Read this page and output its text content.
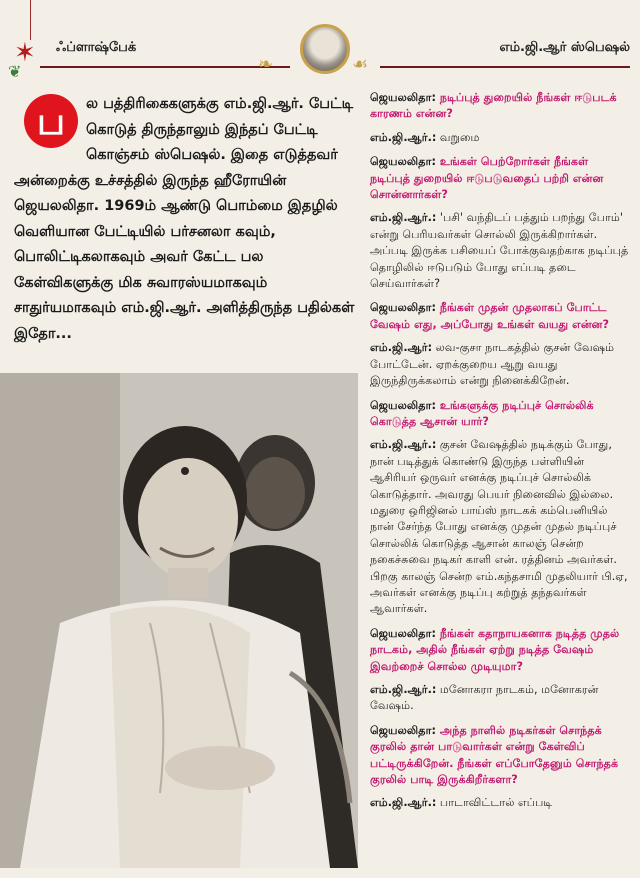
✶
❦
ஃப்ளாஷ்பேக்
❧	☙
எம்.ஜி.ஆர் ஸ்பெஷல்
ப	ல பத்திரிகைகளுக்கு எம்.ஜி.ஆர். பேட்டி கொடுத் திருந்தாலும் இந்தப் பேட்டி கொஞ்சம் ஸ்பெஷல். இதை எடுத்தவர் அன்றைக்கு உச்சத்தில் இருந்த ஹீரோயின் ஜெயலலிதா. 1969ம் ஆண்டு பொம்மை இதழில் வெளியான பேட்டியில் பர்சனலா கவும், பொலிட்டிகலாகவும் அவர் கேட்ட பல கேள்விகளுக்கு மிக சுவாரஸ்யமாகவும் சாதுர்யமாகவும் எம்.ஜி.ஆர். அளித்திருந்த பதில்கள் இதோ...

ஜெயலலிதா: நடிப்புத் துறையில் நீங்கள் ஈடுபடக் காரணம் என்ன?
எம்.ஜி.ஆர்.: வறுமை
ஜெயலலிதா: உங்கள் பெற்றோர்கள் நீங்கள் நடிப்புத் துறையில் ஈடுபடுவதைப் பற்றி என்ன சொன்னார்கள்?
எம்.ஜி.ஆர்.: 'பசி' வந்திடப் பத்தும் பறந்து போம்' என்று பெரியவர்கள் சொல்லி இருக்கிறார்கள். அப்படி இருக்க பசியைப் போக்குவதற்காக நடிப்புத் தொழிலில் ஈடுபடும் போது எப்படி தடை செய்வார்கள்?
ஜெயலலிதா: நீங்கள் முதன் முதலாகப் போட்ட வேஷம் எது, அப்போது உங்கள் வயது என்ன?
எம்.ஜி.ஆர்: லவ-குசா நாடகத்தில் குசன் வேஷம் போட்டேன். ஏறக்குறைய ஆறு வயது இருந்திருக்கலாம் என்று நினைக்கிறேன்.
ஜெயலலிதா: உங்களுக்கு நடிப்புச் சொல்லிக் கொடுத்த ஆசான் யார்?
எம்.ஜி.ஆர்.: குசன் வேஷத்தில் நடிக்கும் போது, நான் படித்துக் கொண்டு இருந்த பள்ளியின் ஆசிரியர் ஒருவர் எனக்கு நடிப்புச் சொல்லிக் கொடுத்தார். அவரது பெயர் நினைவில் இல்லை. மதுரை ஒரிஜினல் பாய்ஸ் நாடகக் கம்பெனியில் நான் சேர்ந்த போது எனக்கு முதன் முதல் நடிப்புச் சொல்லிக் கொடுத்த ஆசான் காலஞ் சென்ற நகைச்சுவை நடிகர் காளி என். ரத்தினம் அவர்கள். பிறகு காலஞ் சென்ற எம்.கந்தசாமி முதலியார் பி.ஏ, அவர்கள் எனக்கு நடிப்பு கற்றுத் தந்தவர்கள் ஆவார்கள்.
ஜெயலலிதா: நீங்கள் கதாநாயகனாக நடித்த முதல் நாடகம், அதில் நீங்கள் ஏற்று நடித்த வேஷம் இவற்றைச் சொல்ல முடியுமா?
எம்.ஜி.ஆர்.: மனோகரா நாடகம், மனோகரன் வேஷம்.
ஜெயலலிதா: அந்த நாளில் நடிகர்கள் சொந்தக் குரலில் தான் பாடுவார்கள் என்று கேள்விப் பட்டிருக்கிறேன். நீங்கள் எப்போதேனும் சொந்தக் குரலில் பாடி இருக்கிறீர்களா?
எம்.ஜி.ஆர்.: பாடாவிட்டால் எப்படி
